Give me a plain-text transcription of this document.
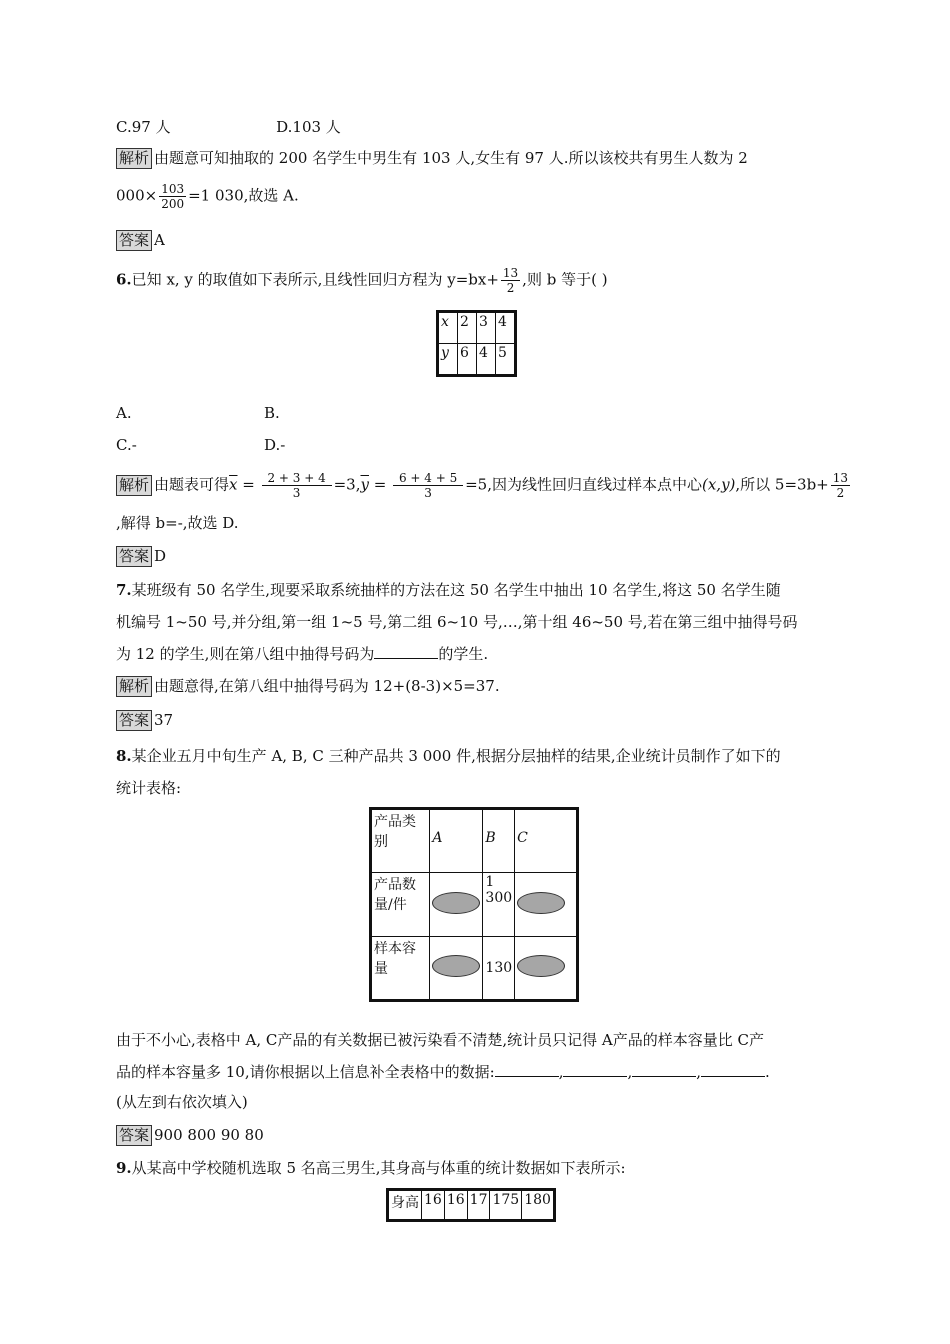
C.97 人	D.103 人
解析 由题意可知抽取的 200 名学生中男生有 103 人,女生有 97 人.所以该校共有男生人数为 2
$000\times \frac{103}{200} =1$ 030,故选 A.
答案 A
6.已知 x, y 的取值如下表所示,且线性回归方程为 $y=bx+ \frac{13}{2}$ ,则 b 等于( )
x	2	3	4
y	6	4	5
A.	B.
C.-	D.-
解析 由题表可得$\overline{x} = \frac{2 + 3 + 4}{3} =3,\overline{y} = \frac{6 + 4 + 5}{3} =5$,因为线性回归直线过样本点中心(x,y),所以 $5=3b+ \frac{13}{2}$
,解得 b=-,故选 D.
答案 D
7.某班级有 50 名学生,现要采取系统抽样的方法在这 50 名学生中抽出 10 名学生,将这 50 名学生随
机编号 1~50 号,并分组,第一组 1~5 号,第二组 6~10 号,…,第十组 46~50 号,若在第三组中抽得号码
为 12 的学生,则在第八组中抽得号码为	的学生.
解析 由题意得,在第八组中抽得号码为 12+(8-3)×5=37.
答案 37
8.某企业五月中旬生产 A, B, C 三种产品共 3 000 件,根据分层抽样的结果,企业统计员制作了如下的
统计表格:
产品类别	A	B	C
产品数量/件		1 300	
样本容量		130	
由于不小心,表格中 A, C产品的有关数据已被污染看不清楚,统计员只记得 A产品的样本容量比 C产
品的样本容量多 10,请你根据以上信息补全表格中的数据:	,	,	,	.
(从左到右依次填入)
答案 900 800 90 80
9.从某高中学校随机选取 5 名高三男生,其身高与体重的统计数据如下表所示:
身高	16	16	17	175	180
